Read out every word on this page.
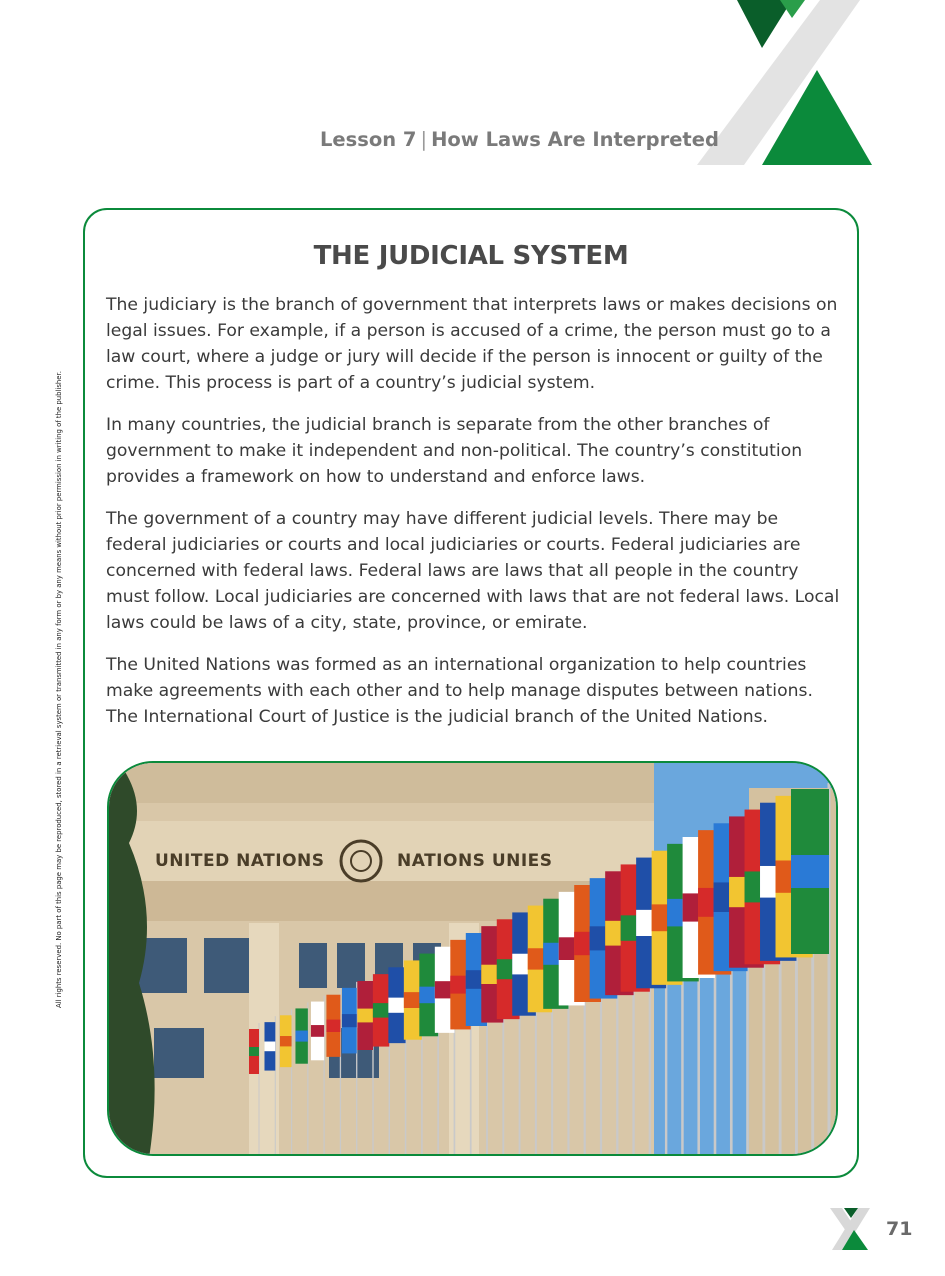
Lesson 7 | How Laws Are Interpreted
All rights reserved. No part of this page may be reproduced, stored in a retrieval system or transmitted in any form or by any means without prior permission in writing of the publisher.
THE JUDICIAL SYSTEM

The judiciary is the branch of government that interprets laws or makes decisions on legal issues. For example, if a person is accused of a crime, the person must go to a law court, where a judge or jury will decide if the person is innocent or guilty of the crime. This process is part of a country’s judicial system.

In many countries, the judicial branch is separate from the other branches of government to make it independent and non-political. The country’s constitution provides a framework on how to understand and enforce laws.

The government of a country may have different judicial levels. There may be federal judiciaries or courts and local judiciaries or courts. Federal judiciaries are concerned with federal laws. Federal laws are laws that all people in the country must follow. Local judiciaries are concerned with laws that are not federal laws. Local laws could be laws of a city, state, province, or emirate.

The United Nations was formed as an international organization to help countries make agreements with each other and to help manage disputes between nations. The International Court of Justice is the judicial branch of the United Nations.

UNITED NATIONS	NATIONS UNIES
71
